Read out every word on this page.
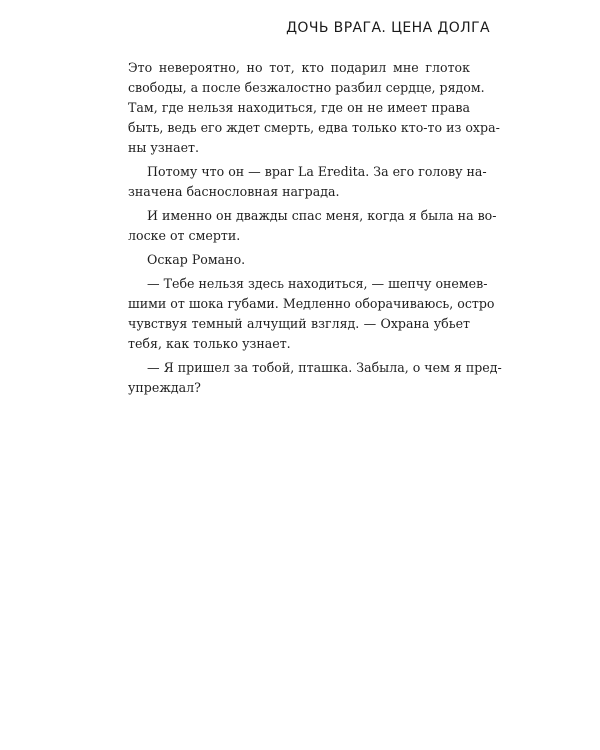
ДОЧЬ ВРАГА. ЦЕНА ДОЛГА
Это невероятно, но тот, кто подарил мне глоток
свободы, а после безжалостно разбил сердце, рядом.
Там, где нельзя находиться, где он не имеет права
быть, ведь его ждет смерть, едва только кто-то из охра-
ны узнает.
Потому что он — враг La Eredita. За его голову на-
значена баснословная награда.
И именно он дважды спас меня, когда я была на во-
лоске от смерти.
Оскар Романо.
— Тебе нельзя здесь находиться, — шепчу онемев-
шими от шока губами. Медленно оборачиваюсь, остро
чувствуя темный алчущий взгляд. — Охрана убьет
тебя, как только узнает.
— Я пришел за тобой, пташка. Забыла, о чем я пред-
упреждал?
